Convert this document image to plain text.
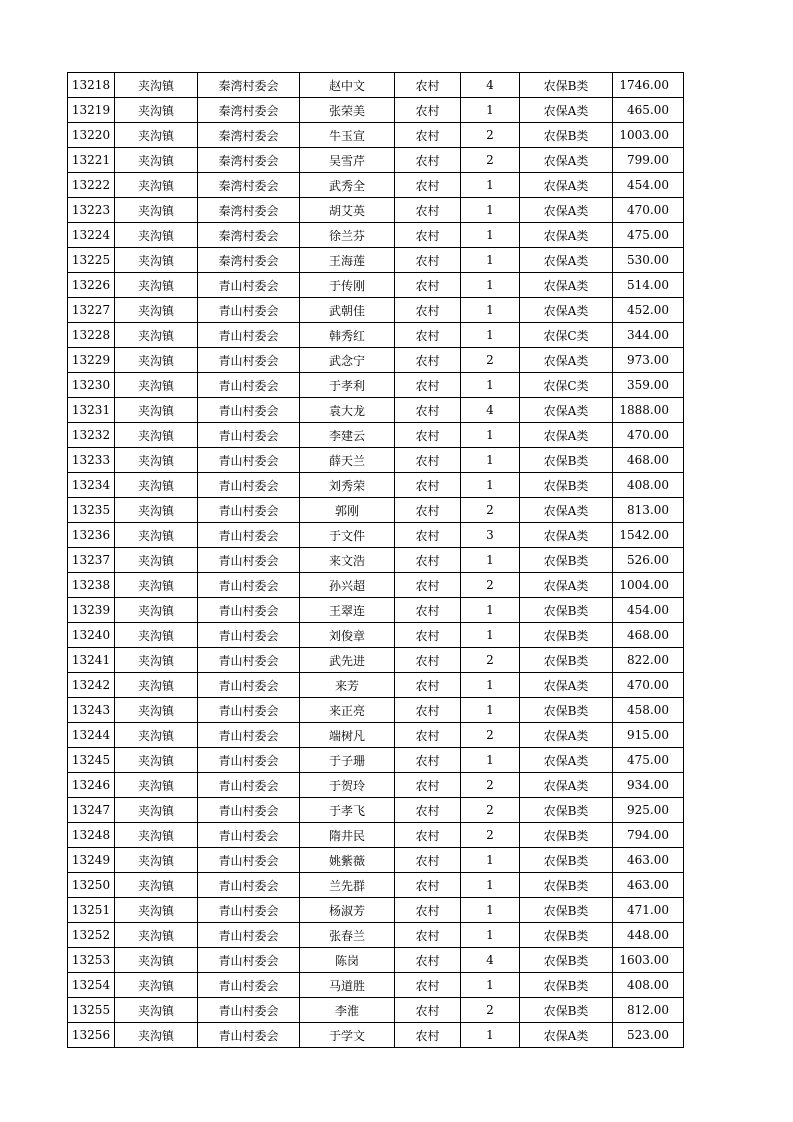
13218	夹沟镇	秦湾村委会	赵中文	农村	4	农保B类	1746.00
13219	夹沟镇	秦湾村委会	张荣美	农村	1	农保A类	465.00
13220	夹沟镇	秦湾村委会	牛玉宣	农村	2	农保B类	1003.00
13221	夹沟镇	秦湾村委会	吴雪芹	农村	2	农保A类	799.00
13222	夹沟镇	秦湾村委会	武秀全	农村	1	农保A类	454.00
13223	夹沟镇	秦湾村委会	胡艾英	农村	1	农保A类	470.00
13224	夹沟镇	秦湾村委会	徐兰芬	农村	1	农保A类	475.00
13225	夹沟镇	秦湾村委会	王海莲	农村	1	农保A类	530.00
13226	夹沟镇	青山村委会	于传刚	农村	1	农保A类	514.00
13227	夹沟镇	青山村委会	武朝佳	农村	1	农保A类	452.00
13228	夹沟镇	青山村委会	韩秀红	农村	1	农保C类	344.00
13229	夹沟镇	青山村委会	武念宁	农村	2	农保A类	973.00
13230	夹沟镇	青山村委会	于孝利	农村	1	农保C类	359.00
13231	夹沟镇	青山村委会	袁大龙	农村	4	农保A类	1888.00
13232	夹沟镇	青山村委会	李建云	农村	1	农保A类	470.00
13233	夹沟镇	青山村委会	薛天兰	农村	1	农保B类	468.00
13234	夹沟镇	青山村委会	刘秀荣	农村	1	农保B类	408.00
13235	夹沟镇	青山村委会	郭刚	农村	2	农保A类	813.00
13236	夹沟镇	青山村委会	于文件	农村	3	农保A类	1542.00
13237	夹沟镇	青山村委会	来文浩	农村	1	农保B类	526.00
13238	夹沟镇	青山村委会	孙兴超	农村	2	农保A类	1004.00
13239	夹沟镇	青山村委会	王翠连	农村	1	农保B类	454.00
13240	夹沟镇	青山村委会	刘俊章	农村	1	农保B类	468.00
13241	夹沟镇	青山村委会	武先进	农村	2	农保B类	822.00
13242	夹沟镇	青山村委会	来芳	农村	1	农保A类	470.00
13243	夹沟镇	青山村委会	来正亮	农村	1	农保B类	458.00
13244	夹沟镇	青山村委会	端树凡	农村	2	农保A类	915.00
13245	夹沟镇	青山村委会	于子珊	农村	1	农保A类	475.00
13246	夹沟镇	青山村委会	于贺玲	农村	2	农保A类	934.00
13247	夹沟镇	青山村委会	于孝飞	农村	2	农保B类	925.00
13248	夹沟镇	青山村委会	隋井民	农村	2	农保B类	794.00
13249	夹沟镇	青山村委会	姚紫薇	农村	1	农保B类	463.00
13250	夹沟镇	青山村委会	兰先群	农村	1	农保B类	463.00
13251	夹沟镇	青山村委会	杨淑芳	农村	1	农保B类	471.00
13252	夹沟镇	青山村委会	张春兰	农村	1	农保B类	448.00
13253	夹沟镇	青山村委会	陈岗	农村	4	农保B类	1603.00
13254	夹沟镇	青山村委会	马道胜	农村	1	农保B类	408.00
13255	夹沟镇	青山村委会	李淮	农村	2	农保B类	812.00
13256	夹沟镇	青山村委会	于学文	农村	1	农保A类	523.00
